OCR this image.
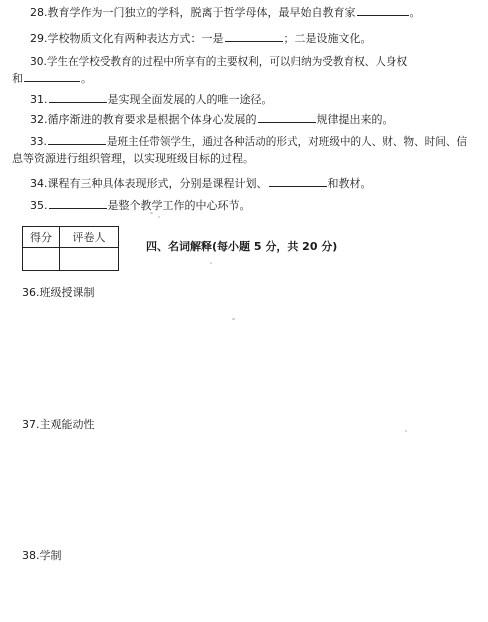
28.教育学作为一门独立的学科，脱离于哲学母体，最早始自教育家	。
29.学校物质文化有两种表达方式：一是	；二是设施文化。
30.学生在学校受教育的过程中所享有的主要权利，可以归纳为受教育权、人身权
和	。
31.	是实现全面发展的人的唯一途径。
32.循序渐进的教育要求是根据个体身心发展的	规律提出来的。
33.	是班主任带领学生，通过各种活动的形式，对班级中的人、财、物、时间、信
息等资源进行组织管理，以实现班级目标的过程。
34.课程有三种具体表现形式，分别是课程计划、	和教材。
35.	是整个教学工作的中心环节。
得分	评卷人

四、名词解释(每小题 5 分，共 20 分)
36.班级授课制
37.主观能动性
38.学制
